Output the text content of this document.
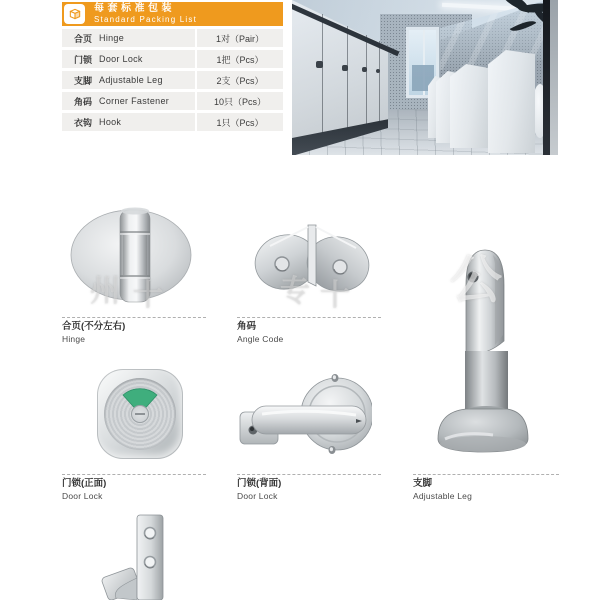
每套标准包装
Standard Packing List
合页 Hinge	1对（Pair）
门锁 Door Lock	1把（Pcs）
支脚 Adjustable Leg	2支（Pcs）
角码 Corner Fastener	10只（Pcs）
衣钩 Hook	1只（Pcs）
合页(不分左右)
Hinge
角码
Angle Code
门锁(正面)
Door Lock
门锁(背面)
Door Lock
支脚
Adjustable Leg
州 十	专 十 公
